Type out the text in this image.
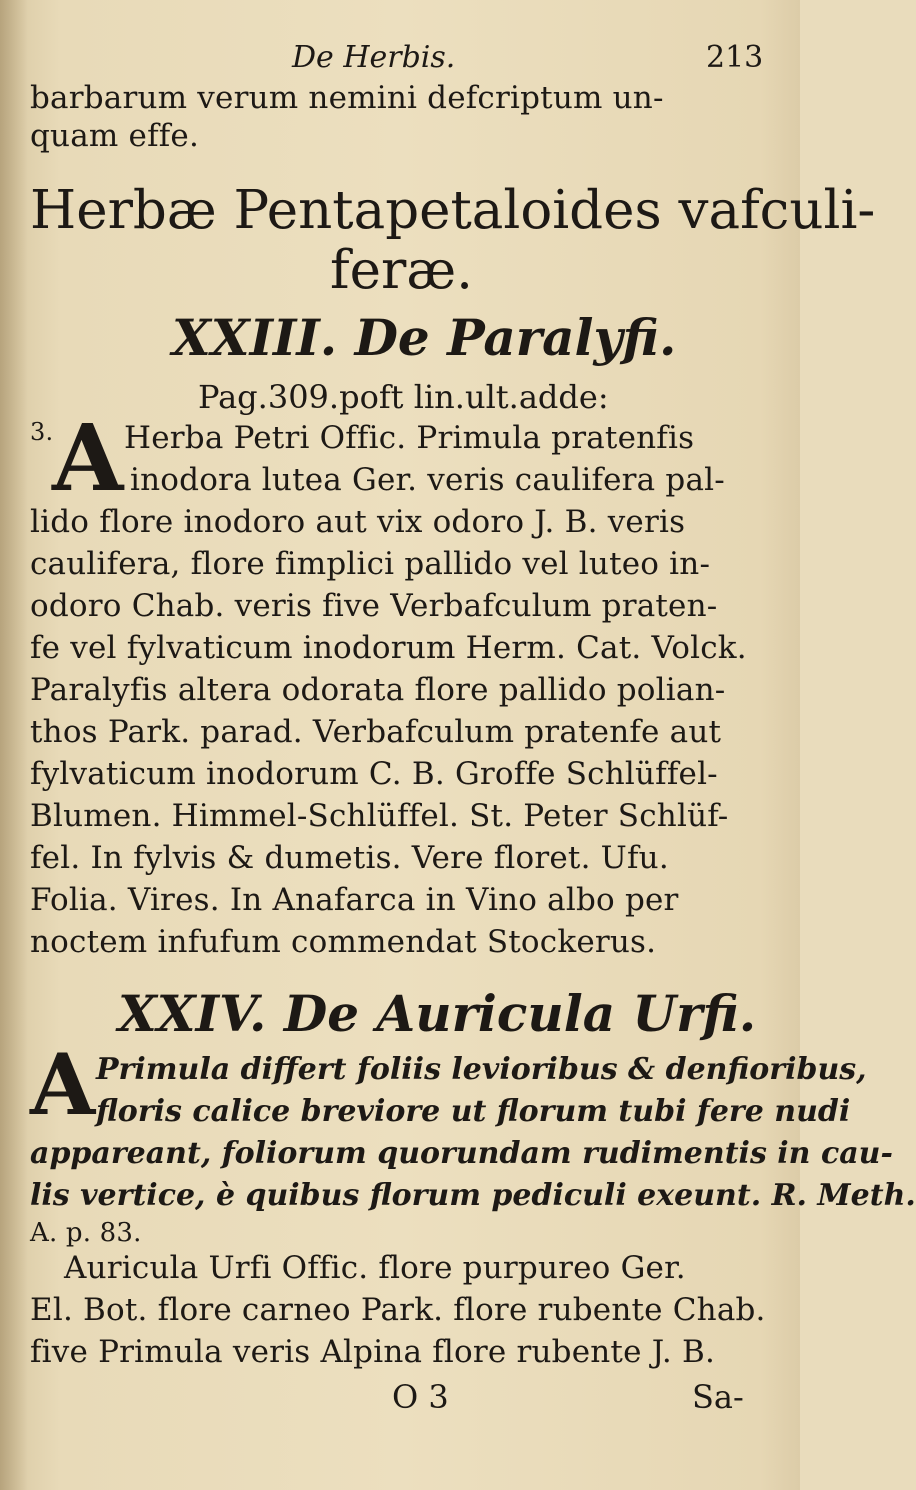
De Herbis.	213
barbarum verum nemini defcriptum un-
quam effe.
Herbæ Pentapetaloides vafculi-
feræ.
XXIII. De Paralyfi.
Pag.309.poft lin.ult.adde:
3.
A Herba Petri Offic. Primula pratenfis
inodora lutea Ger. veris caulifera pal-
lido flore inodoro aut vix odoro J. B. veris
caulifera, flore fimplici pallido vel luteo in-
odoro Chab. veris five Verbafculum praten-
fe vel fylvaticum inodorum Herm. Cat. Volck.
Paralyfis altera odorata flore pallido polian-
thos Park. parad. Verbafculum pratenfe aut
fylvaticum inodorum C. B. Groffe Schlüffel-
Blumen. Himmel-Schlüffel. St. Peter Schlüf-
fel. In fylvis & dumetis. Vere floret. Ufu.
Folia. Vires. In Anafarca in Vino albo per
noctem infufum commendat Stockerus.
XXIV. De Auricula Urfi.
A Primula differt foliis levioribus & denfioribus,
floris calice breviore ut florum tubi fere nudi
appareant, foliorum quorundam rudimentis in cau-
lis vertice, è quibus florum pediculi exeunt. R. Meth.
A. p. 83.
Auricula Urfi Offic. flore purpureo Ger.
El. Bot. flore carneo Park. flore rubente Chab.
five Primula veris Alpina flore rubente J. B.
O 3	Sa-
